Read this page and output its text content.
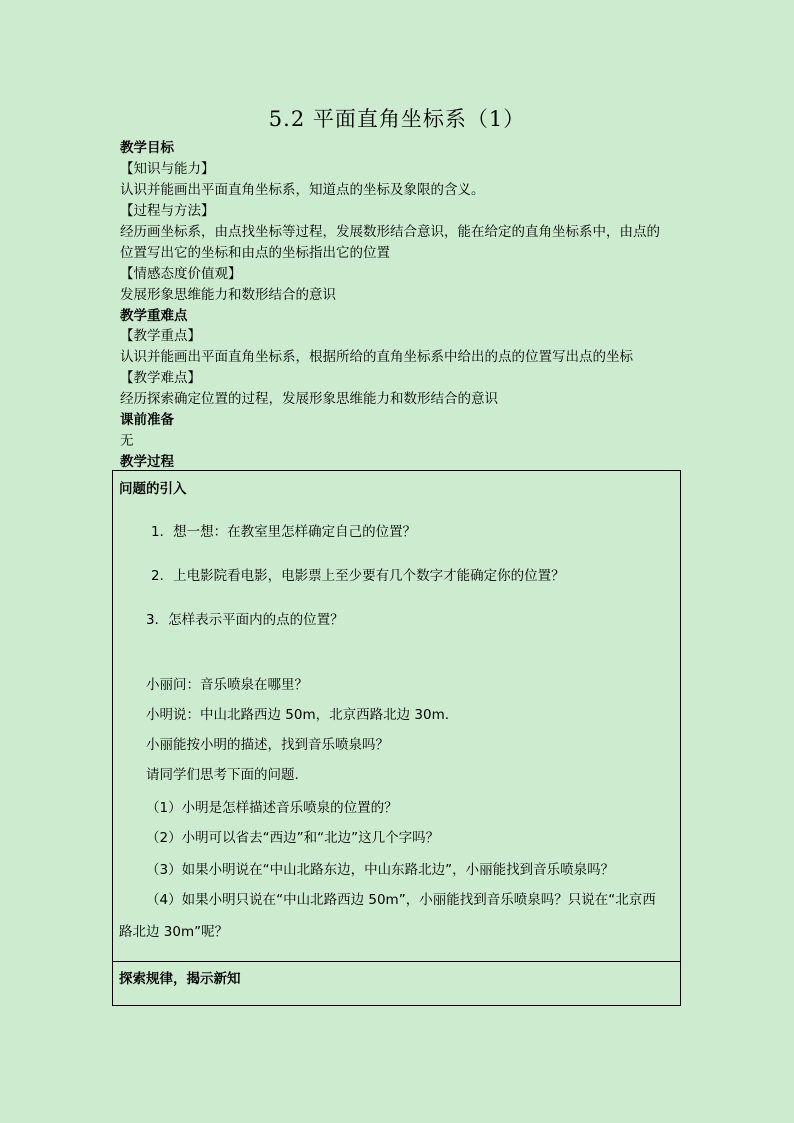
5.2 平面直角坐标系（1）
教学目标
【知识与能力】
认识并能画出平面直角坐标系，知道点的坐标及象限的含义。
【过程与方法】
经历画坐标系，由点找坐标等过程，发展数形结合意识，能在给定的直角坐标系中，由点的
位置写出它的坐标和由点的坐标指出它的位置
【情感态度价值观】
发展形象思维能力和数形结合的意识
教学重难点
【教学重点】
认识并能画出平面直角坐标系，根据所给的直角坐标系中给出的点的位置写出点的坐标
【教学难点】
经历探索确定位置的过程，发展形象思维能力和数形结合的意识
课前准备
无
教学过程
问题的引入
1．想一想：在教室里怎样确定自己的位置？
2．上电影院看电影，电影票上至少要有几个数字才能确定你的位置？
3．怎样表示平面内的点的位置？
小丽问：音乐喷泉在哪里？
小明说：中山北路西边 50m，北京西路北边 30m.
小丽能按小明的描述，找到音乐喷泉吗？
请同学们思考下面的问题.
（1）小明是怎样描述音乐喷泉的位置的？
（2）小明可以省去“西边”和“北边”这几个字吗？
（3）如果小明说在“中山北路东边，中山东路北边”，小丽能找到音乐喷泉吗？
（4）如果小明只说在“中山北路西边 50m”，小丽能找到音乐喷泉吗？只说在“北京西
路北边 30m”呢？
探索规律，揭示新知
